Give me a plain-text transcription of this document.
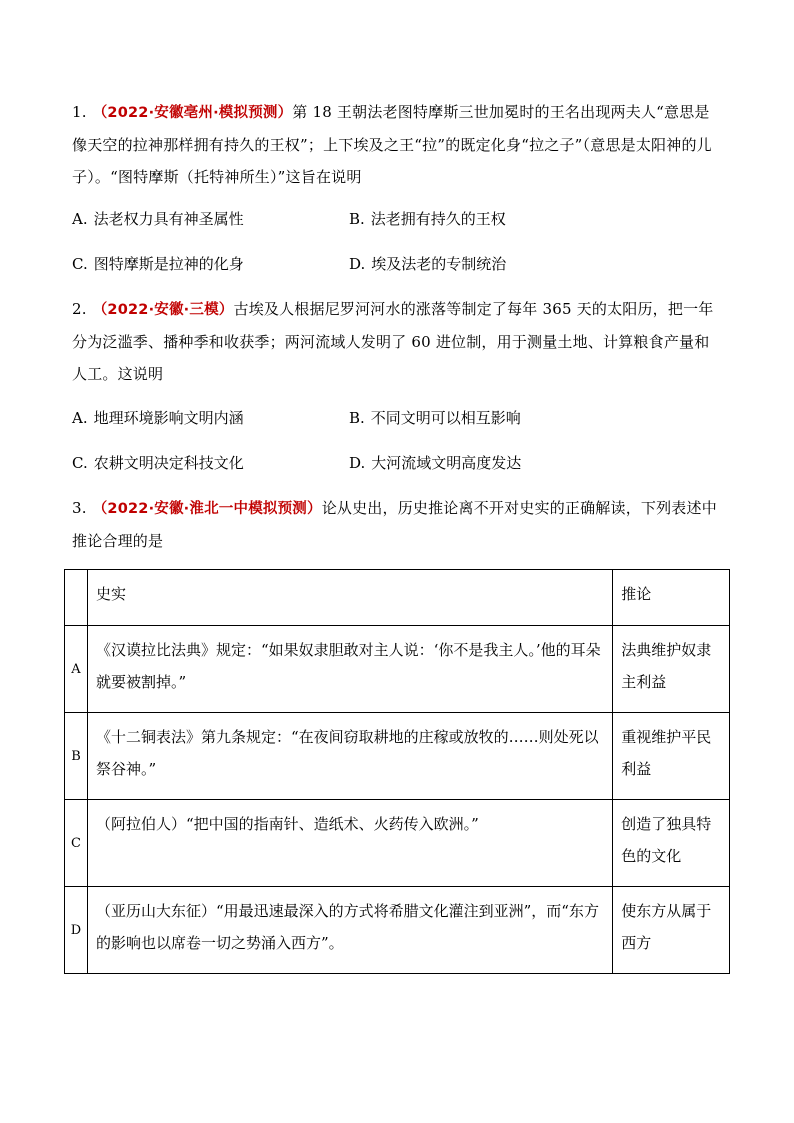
1. （2022·安徽亳州·模拟预测）第 18 王朝法老图特摩斯三世加冕时的王名出现两夫人“意思是像天空的拉神那样拥有持久的王权”；上下埃及之王“拉”的既定化身“拉之子”（意思是太阳神的儿子）。“图特摩斯（托特神所生）”这旨在说明
A. 法老权力具有神圣属性	B. 法老拥有持久的王权
C. 图特摩斯是拉神的化身	D. 埃及法老的专制统治
2. （2022·安徽·三模）古埃及人根据尼罗河河水的涨落等制定了每年 365 天的太阳历，把一年分为泛滥季、播种季和收获季；两河流域人发明了 60 进位制，用于测量土地、计算粮食产量和人工。这说明
A. 地理环境影响文明内涵	B. 不同文明可以相互影响
C. 农耕文明决定科技文化	D. 大河流域文明高度发达
3. （2022·安徽·淮北一中模拟预测）论从史出，历史推论离不开对史实的正确解读，下列表述中推论合理的是

	史实	推论

A	《汉谟拉比法典》规定：“如果奴隶胆敢对主人说：‘你不是我主人。’他的耳朵就要被割掉。”	法典维护奴隶主利益

B	《十二铜表法》第九条规定：“在夜间窃取耕地的庄稼或放牧的……则处死以祭谷神。”	重视维护平民利益

C	（阿拉伯人）“把中国的指南针、造纸术、火药传入欧洲。”	创造了独具特色的文化

D	（亚历山大东征）“用最迅速最深入的方式将希腊文化灌注到亚洲”，而“东方的影响也以席卷一切之势涌入西方”。	使东方从属于西方
